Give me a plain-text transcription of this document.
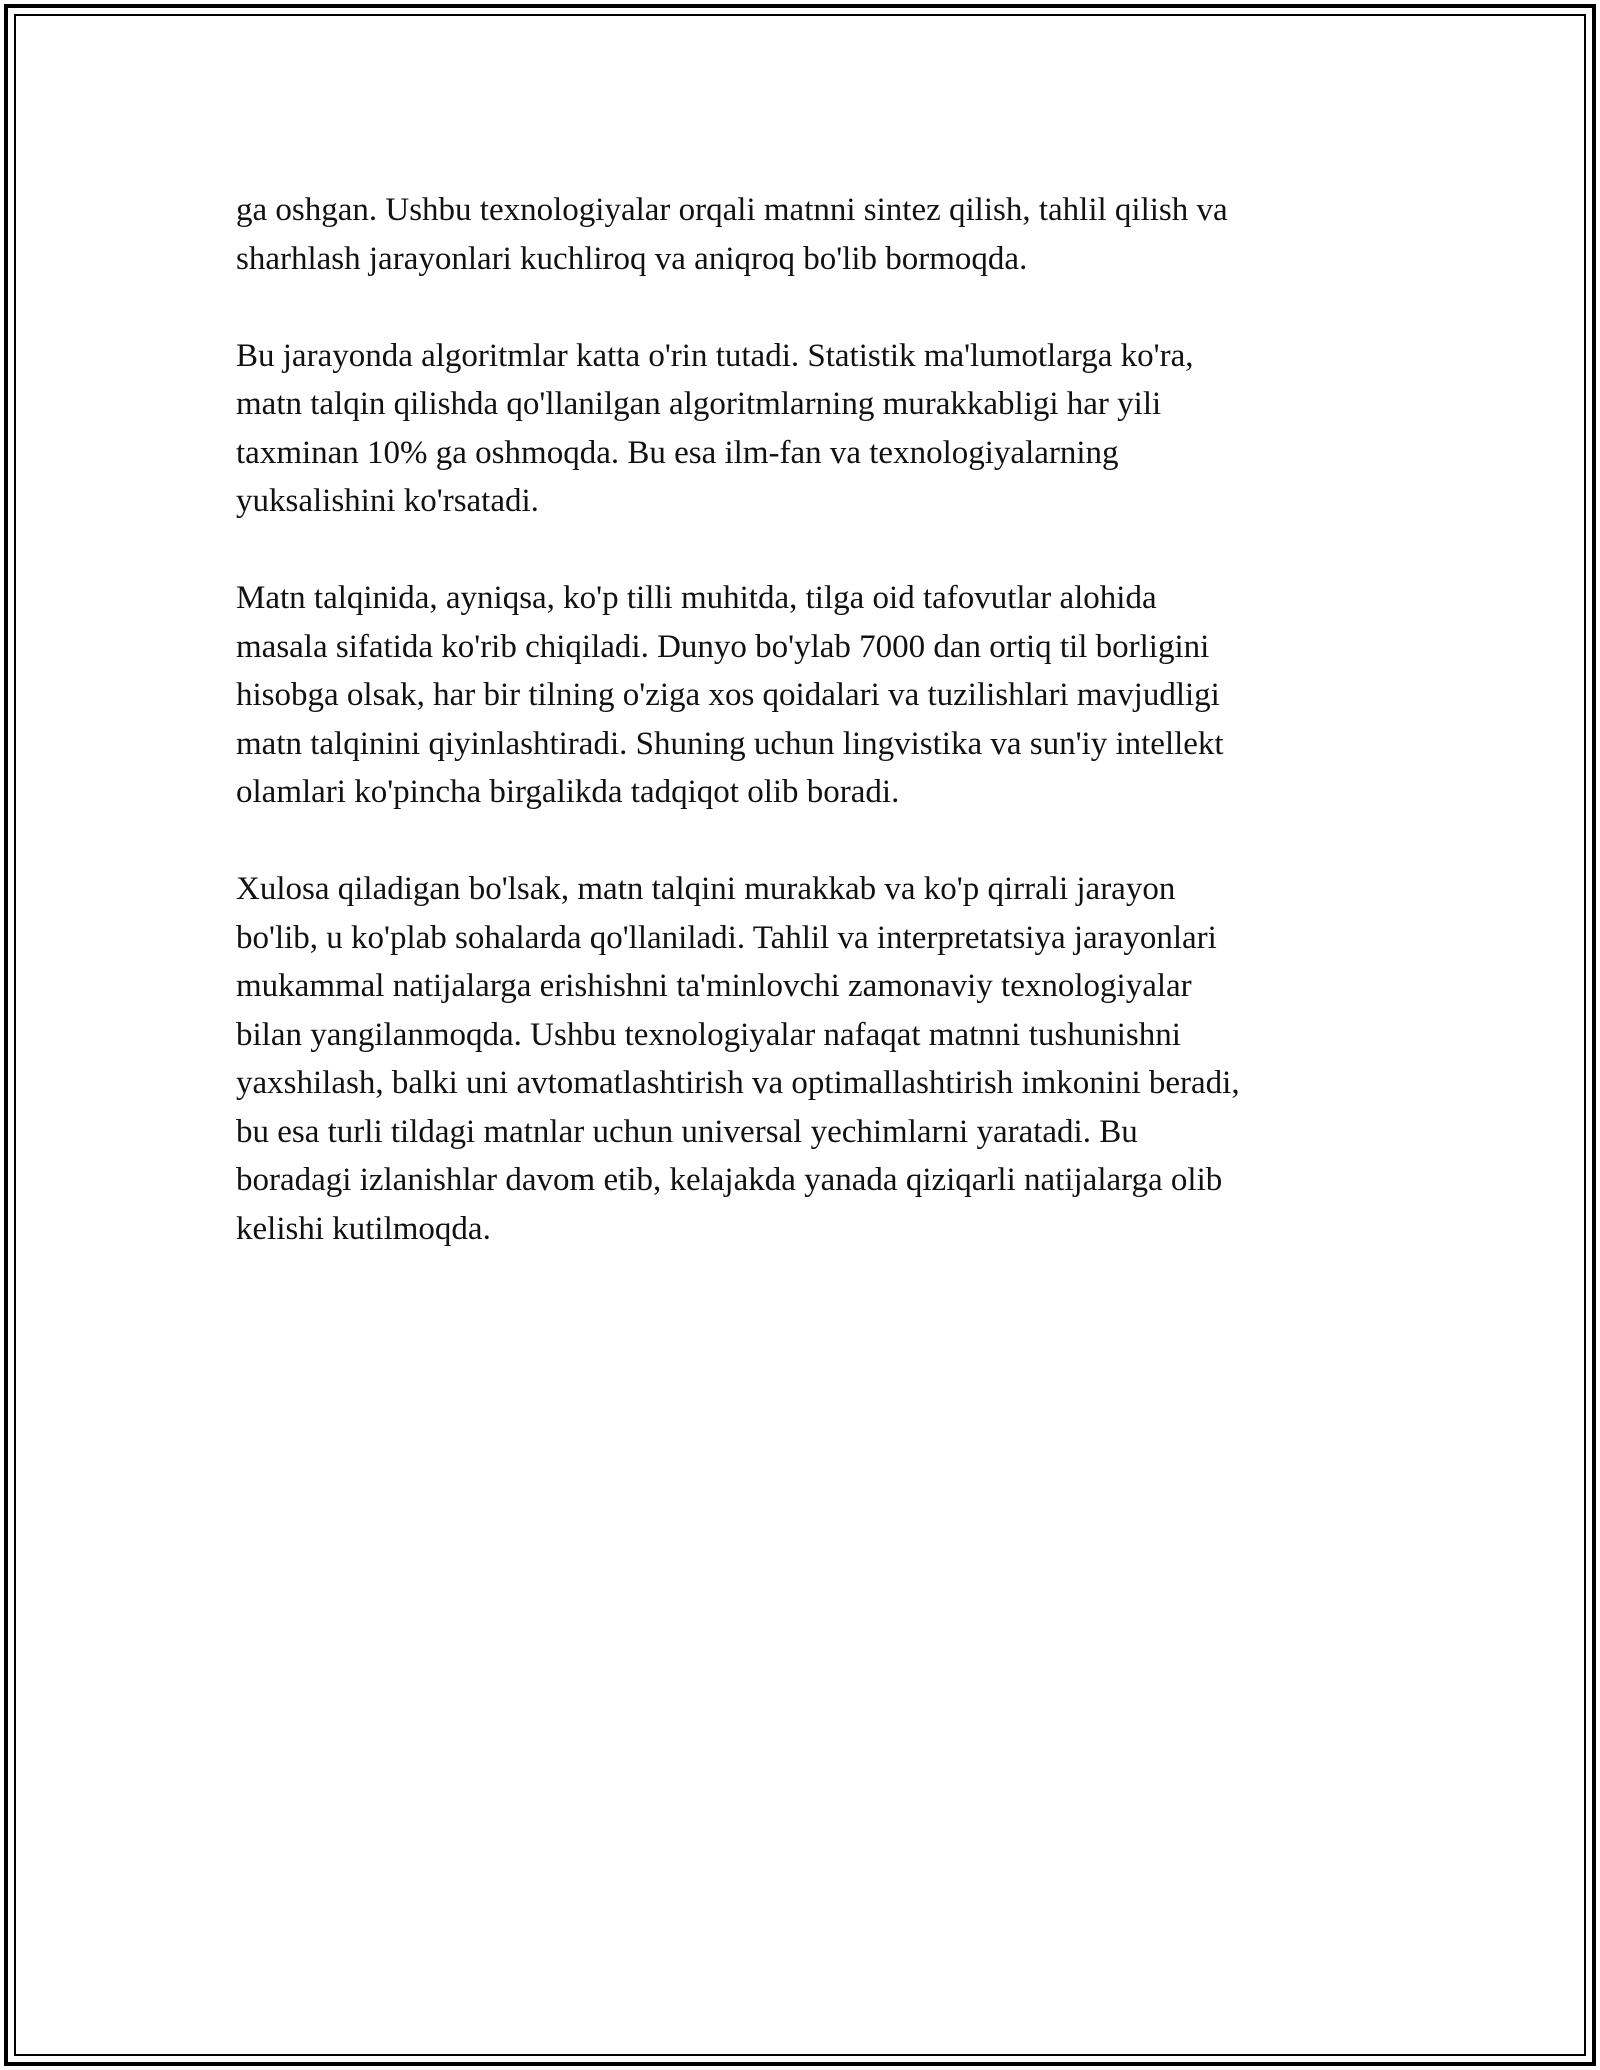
ga oshgan. Ushbu texnologiyalar orqali matnni sintez qilish, tahlil qilish va
sharhlash jarayonlari kuchliroq va aniqroq bo'lib bormoqda.

Bu jarayonda algoritmlar katta o'rin tutadi. Statistik ma'lumotlarga ko'ra,
matn talqin qilishda qo'llanilgan algoritmlarning murakkabligi har yili
taxminan 10% ga oshmoqda. Bu esa ilm-fan va texnologiyalarning
yuksalishini ko'rsatadi.

Matn talqinida, ayniqsa, ko'p tilli muhitda, tilga oid tafovutlar alohida
masala sifatida ko'rib chiqiladi. Dunyo bo'ylab 7000 dan ortiq til borligini
hisobga olsak, har bir tilning o'ziga xos qoidalari va tuzilishlari mavjudligi
matn talqinini qiyinlashtiradi. Shuning uchun lingvistika va sun'iy intellekt
olamlari ko'pincha birgalikda tadqiqot olib boradi.

Xulosa qiladigan bo'lsak, matn talqini murakkab va ko'p qirrali jarayon
bo'lib, u ko'plab sohalarda qo'llaniladi. Tahlil va interpretatsiya jarayonlari
mukammal natijalarga erishishni ta'minlovchi zamonaviy texnologiyalar
bilan yangilanmoqda. Ushbu texnologiyalar nafaqat matnni tushunishni
yaxshilash, balki uni avtomatlashtirish va optimallashtirish imkonini beradi,
bu esa turli tildagi matnlar uchun universal yechimlarni yaratadi. Bu
boradagi izlanishlar davom etib, kelajakda yanada qiziqarli natijalarga olib
kelishi kutilmoqda.
